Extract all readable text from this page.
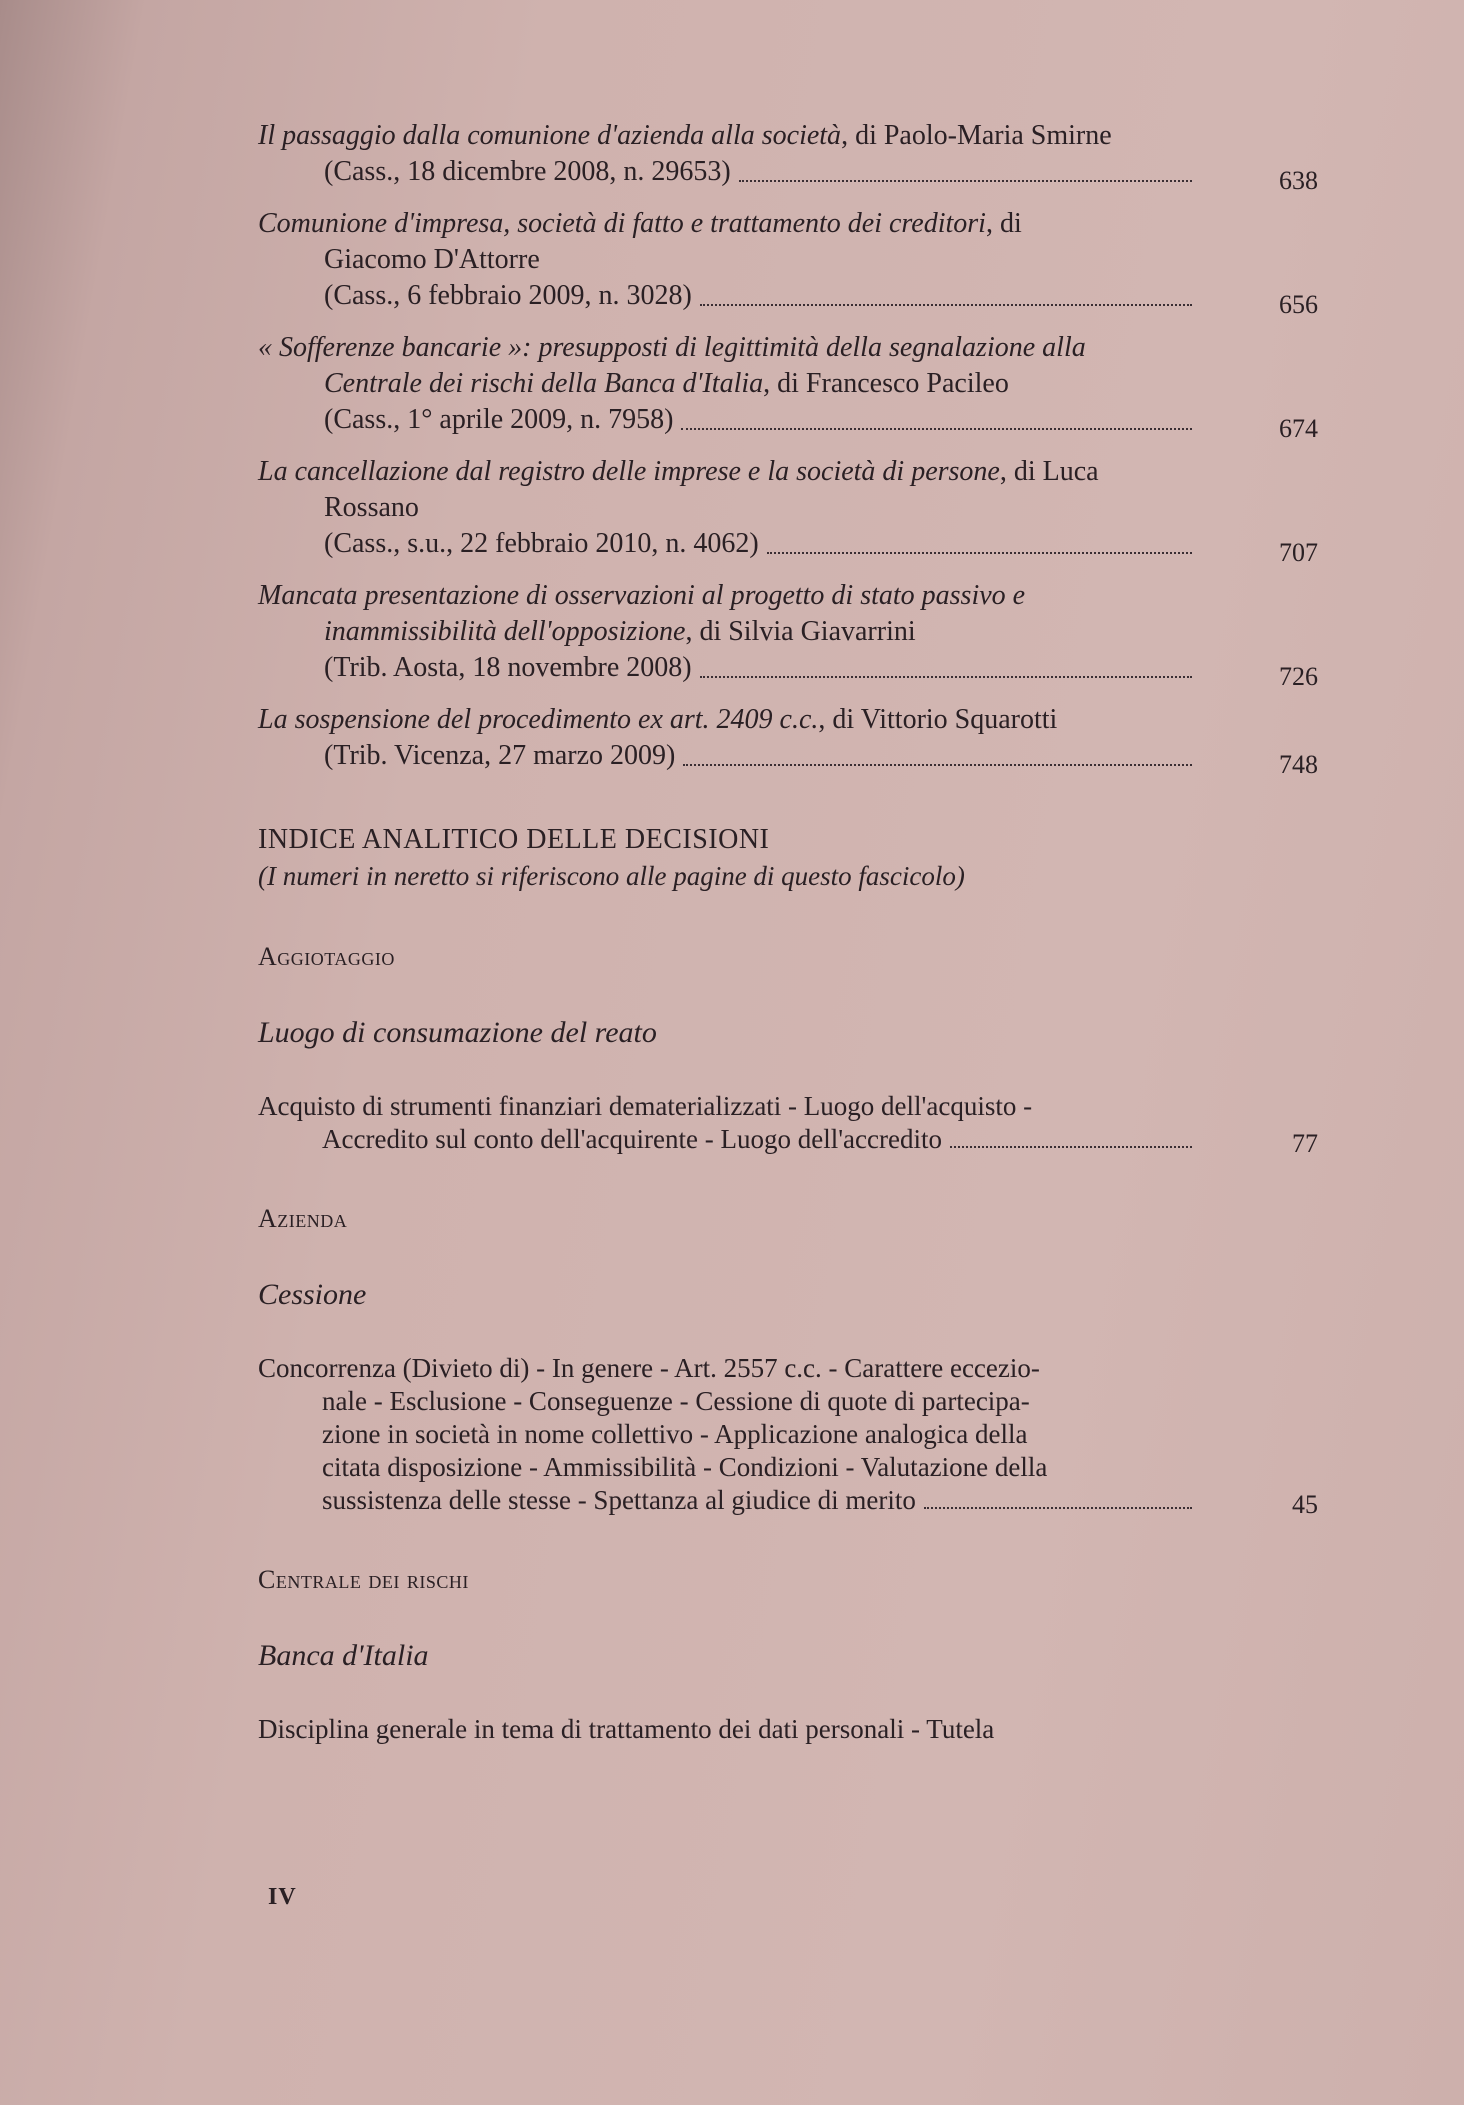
Il passaggio dalla comunione d'azienda alla società, di Paolo-Maria Smirne
(Cass., 18 dicembre 2008, n. 29653)	638
Comunione d'impresa, società di fatto e trattamento dei creditori, di
Giacomo D'Attorre
(Cass., 6 febbraio 2009, n. 3028)	656
« Sofferenze bancarie »: presupposti di legittimità della segnalazione alla
Centrale dei rischi della Banca d'Italia, di Francesco Pacileo
(Cass., 1° aprile 2009, n. 7958)	674
La cancellazione dal registro delle imprese e la società di persone, di Luca
Rossano
(Cass., s.u., 22 febbraio 2010, n. 4062)	707
Mancata presentazione di osservazioni al progetto di stato passivo e
inammissibilità dell'opposizione, di Silvia Giavarrini
(Trib. Aosta, 18 novembre 2008)	726
La sospensione del procedimento ex art. 2409 c.c., di Vittorio Squarotti
(Trib. Vicenza, 27 marzo 2009)	748
INDICE ANALITICO DELLE DECISIONI
(I numeri in neretto si riferiscono alle pagine di questo fascicolo)
Aggiotaggio
Luogo di consumazione del reato
Acquisto di strumenti finanziari dematerializzati - Luogo dell'acquisto -
Accredito sul conto dell'acquirente - Luogo dell'accredito	77
Azienda
Cessione
Concorrenza (Divieto di) - In genere - Art. 2557 c.c. - Carattere eccezio-
nale - Esclusione - Conseguenze - Cessione di quote di partecipa-
zione in società in nome collettivo - Applicazione analogica della
citata disposizione - Ammissibilità - Condizioni - Valutazione della
sussistenza delle stesse - Spettanza al giudice di merito	45
Centrale dei rischi
Banca d'Italia
Disciplina generale in tema di trattamento dei dati personali - Tutela
IV
